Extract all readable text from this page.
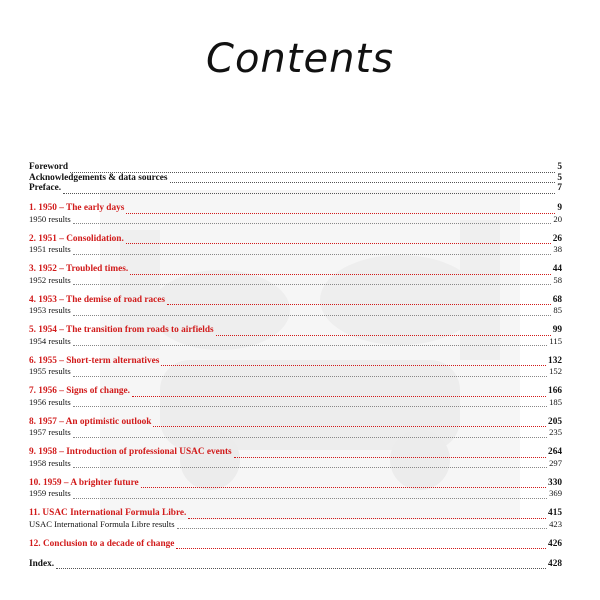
Contents
Foreword	5
Acknowledgements & data sources	5
Preface.	7
1. 1950 – The early days	9
1950 results	20
2. 1951 – Consolidation.	26
1951 results	38
3. 1952 – Troubled times.	44
1952 results	58
4. 1953 – The demise of road races	68
1953 results	85
5. 1954 – The transition from roads to airfields	99
1954 results	115
6. 1955 – Short-term alternatives	132
1955 results	152
7. 1956 – Signs of change.	166
1956 results	185
8. 1957 – An optimistic outlook	205
1957 results	235
9. 1958 – Introduction of professional USAC events	264
1958 results	297
10. 1959 – A brighter future	330
1959 results	369
11. USAC International Formula Libre.	415
USAC International Formula Libre results	423
12. Conclusion to a decade of change	426
Index.	428
